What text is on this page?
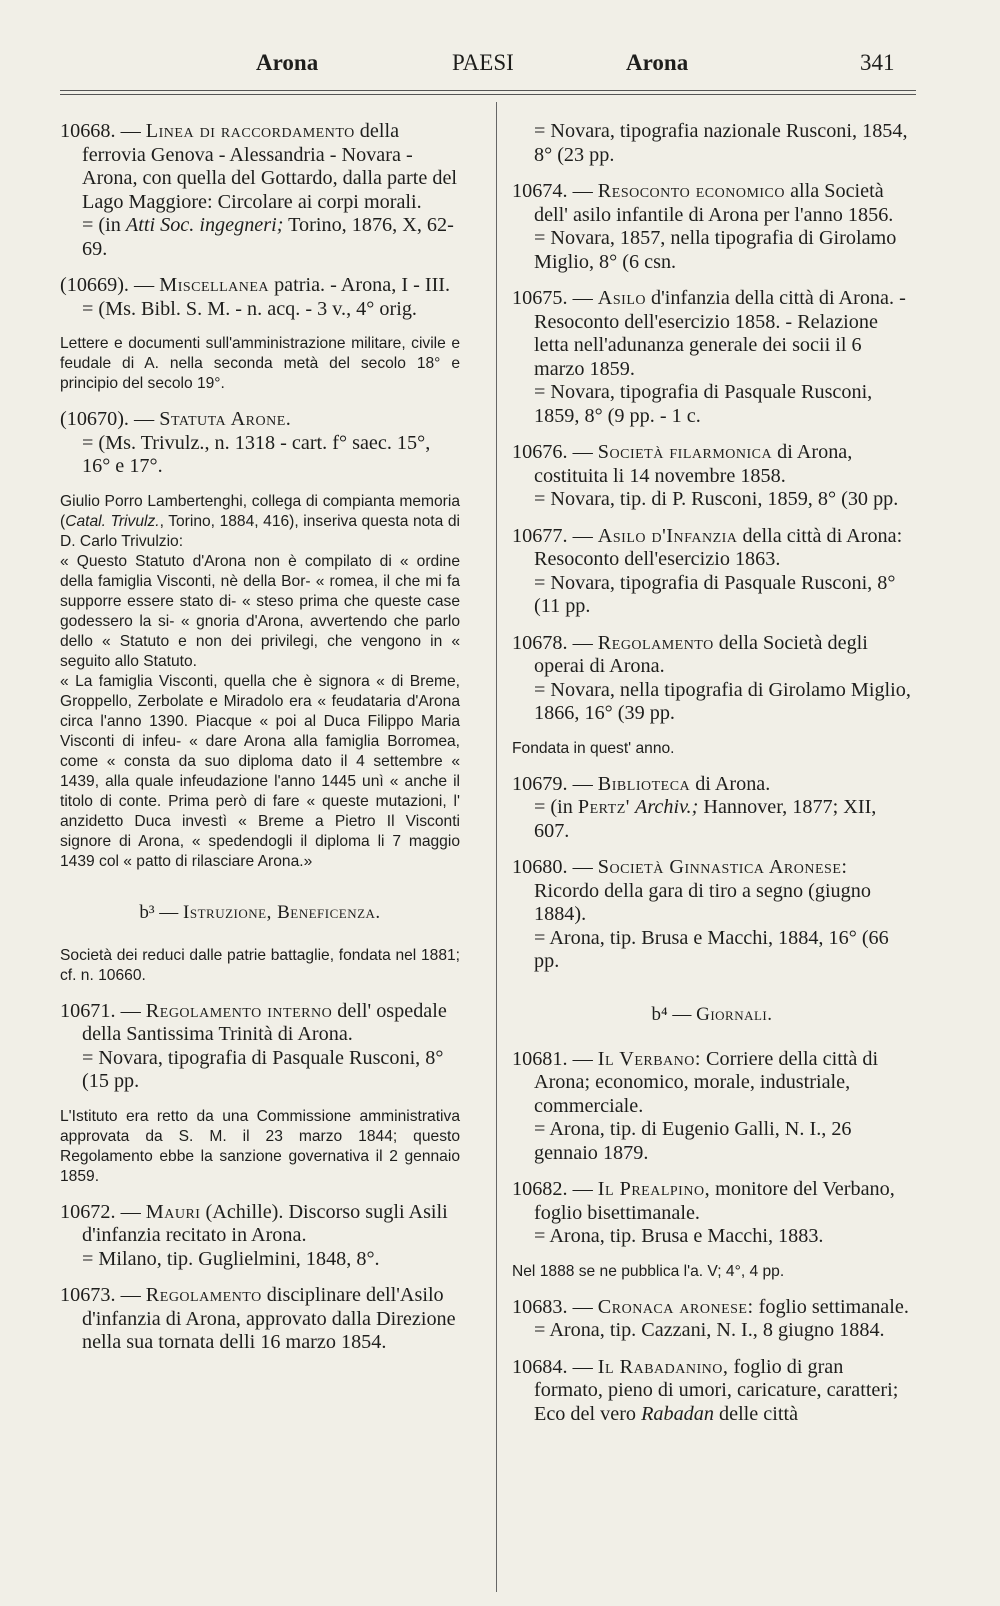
Arona	PAESI	Arona	341
10668. — Linea di raccordamento della ferrovia Genova - Alessandria - Novara - Arona, con quella del Gottardo, dalla parte del Lago Maggiore: Circolare ai corpi morali.
= (in Atti Soc. ingegneri; Torino, 1876, X, 62-69.
(10669). — Miscellanea patria. - Arona, I - III.
= (Ms. Bibl. S. M. - n. acq. - 3 v., 4° orig.
Lettere e documenti sull'amministrazione militare, civile e feudale di A. nella seconda metà del secolo 18° e principio del secolo 19°.
(10670). — Statuta Arone.
= (Ms. Trivulz., n. 1318 - cart. f° saec. 15°, 16° e 17°.
Giulio Porro Lambertenghi, collega di compianta memoria (Catal. Trivulz., Torino, 1884, 416), inseriva questa nota di D. Carlo Trivulzio:
« Questo Statuto d'Arona non è compilato di « ordine della famiglia Visconti, nè della Bor- « romea, il che mi fa supporre essere stato di- « steso prima che queste case godessero la si- « gnoria d'Arona, avvertendo che parlo dello « Statuto e non dei privilegi, che vengono in « seguito allo Statuto.
« La famiglia Visconti, quella che è signora « di Breme, Groppello, Zerbolate e Miradolo era « feudataria d'Arona circa l'anno 1390. Piacque « poi al Duca Filippo Maria Visconti di infeu- « dare Arona alla famiglia Borromea, come « consta da suo diploma dato il 4 settembre « 1439, alla quale infeudazione l'anno 1445 unì « anche il titolo di conte. Prima però di fare « queste mutazioni, l' anzidetto Duca investì « Breme a Pietro Il Visconti signore di Arona, « spedendogli il diploma li 7 maggio 1439 col « patto di rilasciare Arona.»
b³ — Istruzione, Beneficenza.
Società dei reduci dalle patrie battaglie, fondata nel 1881; cf. n. 10660.
10671. — Regolamento interno dell' ospedale della Santissima Trinità di Arona.
= Novara, tipografia di Pasquale Rusconi, 8° (15 pp.
L'Istituto era retto da una Commissione amministrativa approvata da S. M. il 23 marzo 1844; questo Regolamento ebbe la sanzione governativa il 2 gennaio 1859.
10672. — Mauri (Achille). Discorso sugli Asili d'infanzia recitato in Arona.
= Milano, tip. Guglielmini, 1848, 8°.
10673. — Regolamento disciplinare dell'Asilo d'infanzia di Arona, approvato dalla Direzione nella sua tornata delli 16 marzo 1854.
= Novara, tipografia nazionale Rusconi, 1854, 8° (23 pp.
10674. — Resoconto economico alla Società dell' asilo infantile di Arona per l'anno 1856.
= Novara, 1857, nella tipografia di Girolamo Miglio, 8° (6 csn.
10675. — Asilo d'infanzia della città di Arona. - Resoconto dell'esercizio 1858. - Relazione letta nell'adunanza generale dei socii il 6 marzo 1859.
= Novara, tipografia di Pasquale Rusconi, 1859, 8° (9 pp. - 1 c.
10676. — Società filarmonica di Arona, costituita li 14 novembre 1858.
= Novara, tip. di P. Rusconi, 1859, 8° (30 pp.
10677. — Asilo d'Infanzia della città di Arona: Resoconto dell'esercizio 1863.
= Novara, tipografia di Pasquale Rusconi, 8° (11 pp.
10678. — Regolamento della Società degli operai di Arona.
= Novara, nella tipografia di Girolamo Miglio, 1866, 16° (39 pp.
Fondata in quest' anno.
10679. — Biblioteca di Arona.
= (in Pertz' Archiv.; Hannover, 1877; XII, 607.
10680. — Società Ginnastica Aronese: Ricordo della gara di tiro a segno (giugno 1884).
= Arona, tip. Brusa e Macchi, 1884, 16° (66 pp.
b⁴ — Giornali.
10681. — Il Verbano: Corriere della città di Arona; economico, morale, industriale, commerciale.
= Arona, tip. di Eugenio Galli, N. I., 26 gennaio 1879.
10682. — Il Prealpino, monitore del Verbano, foglio bisettimanale.
= Arona, tip. Brusa e Macchi, 1883.
Nel 1888 se ne pubblica l'a. V; 4°, 4 pp.
10683. — Cronaca aronese: foglio settimanale.
= Arona, tip. Cazzani, N. I., 8 giugno 1884.
10684. — Il Rabadanino, foglio di gran formato, pieno di umori, caricature, caratteri; Eco del vero Rabadan delle città
